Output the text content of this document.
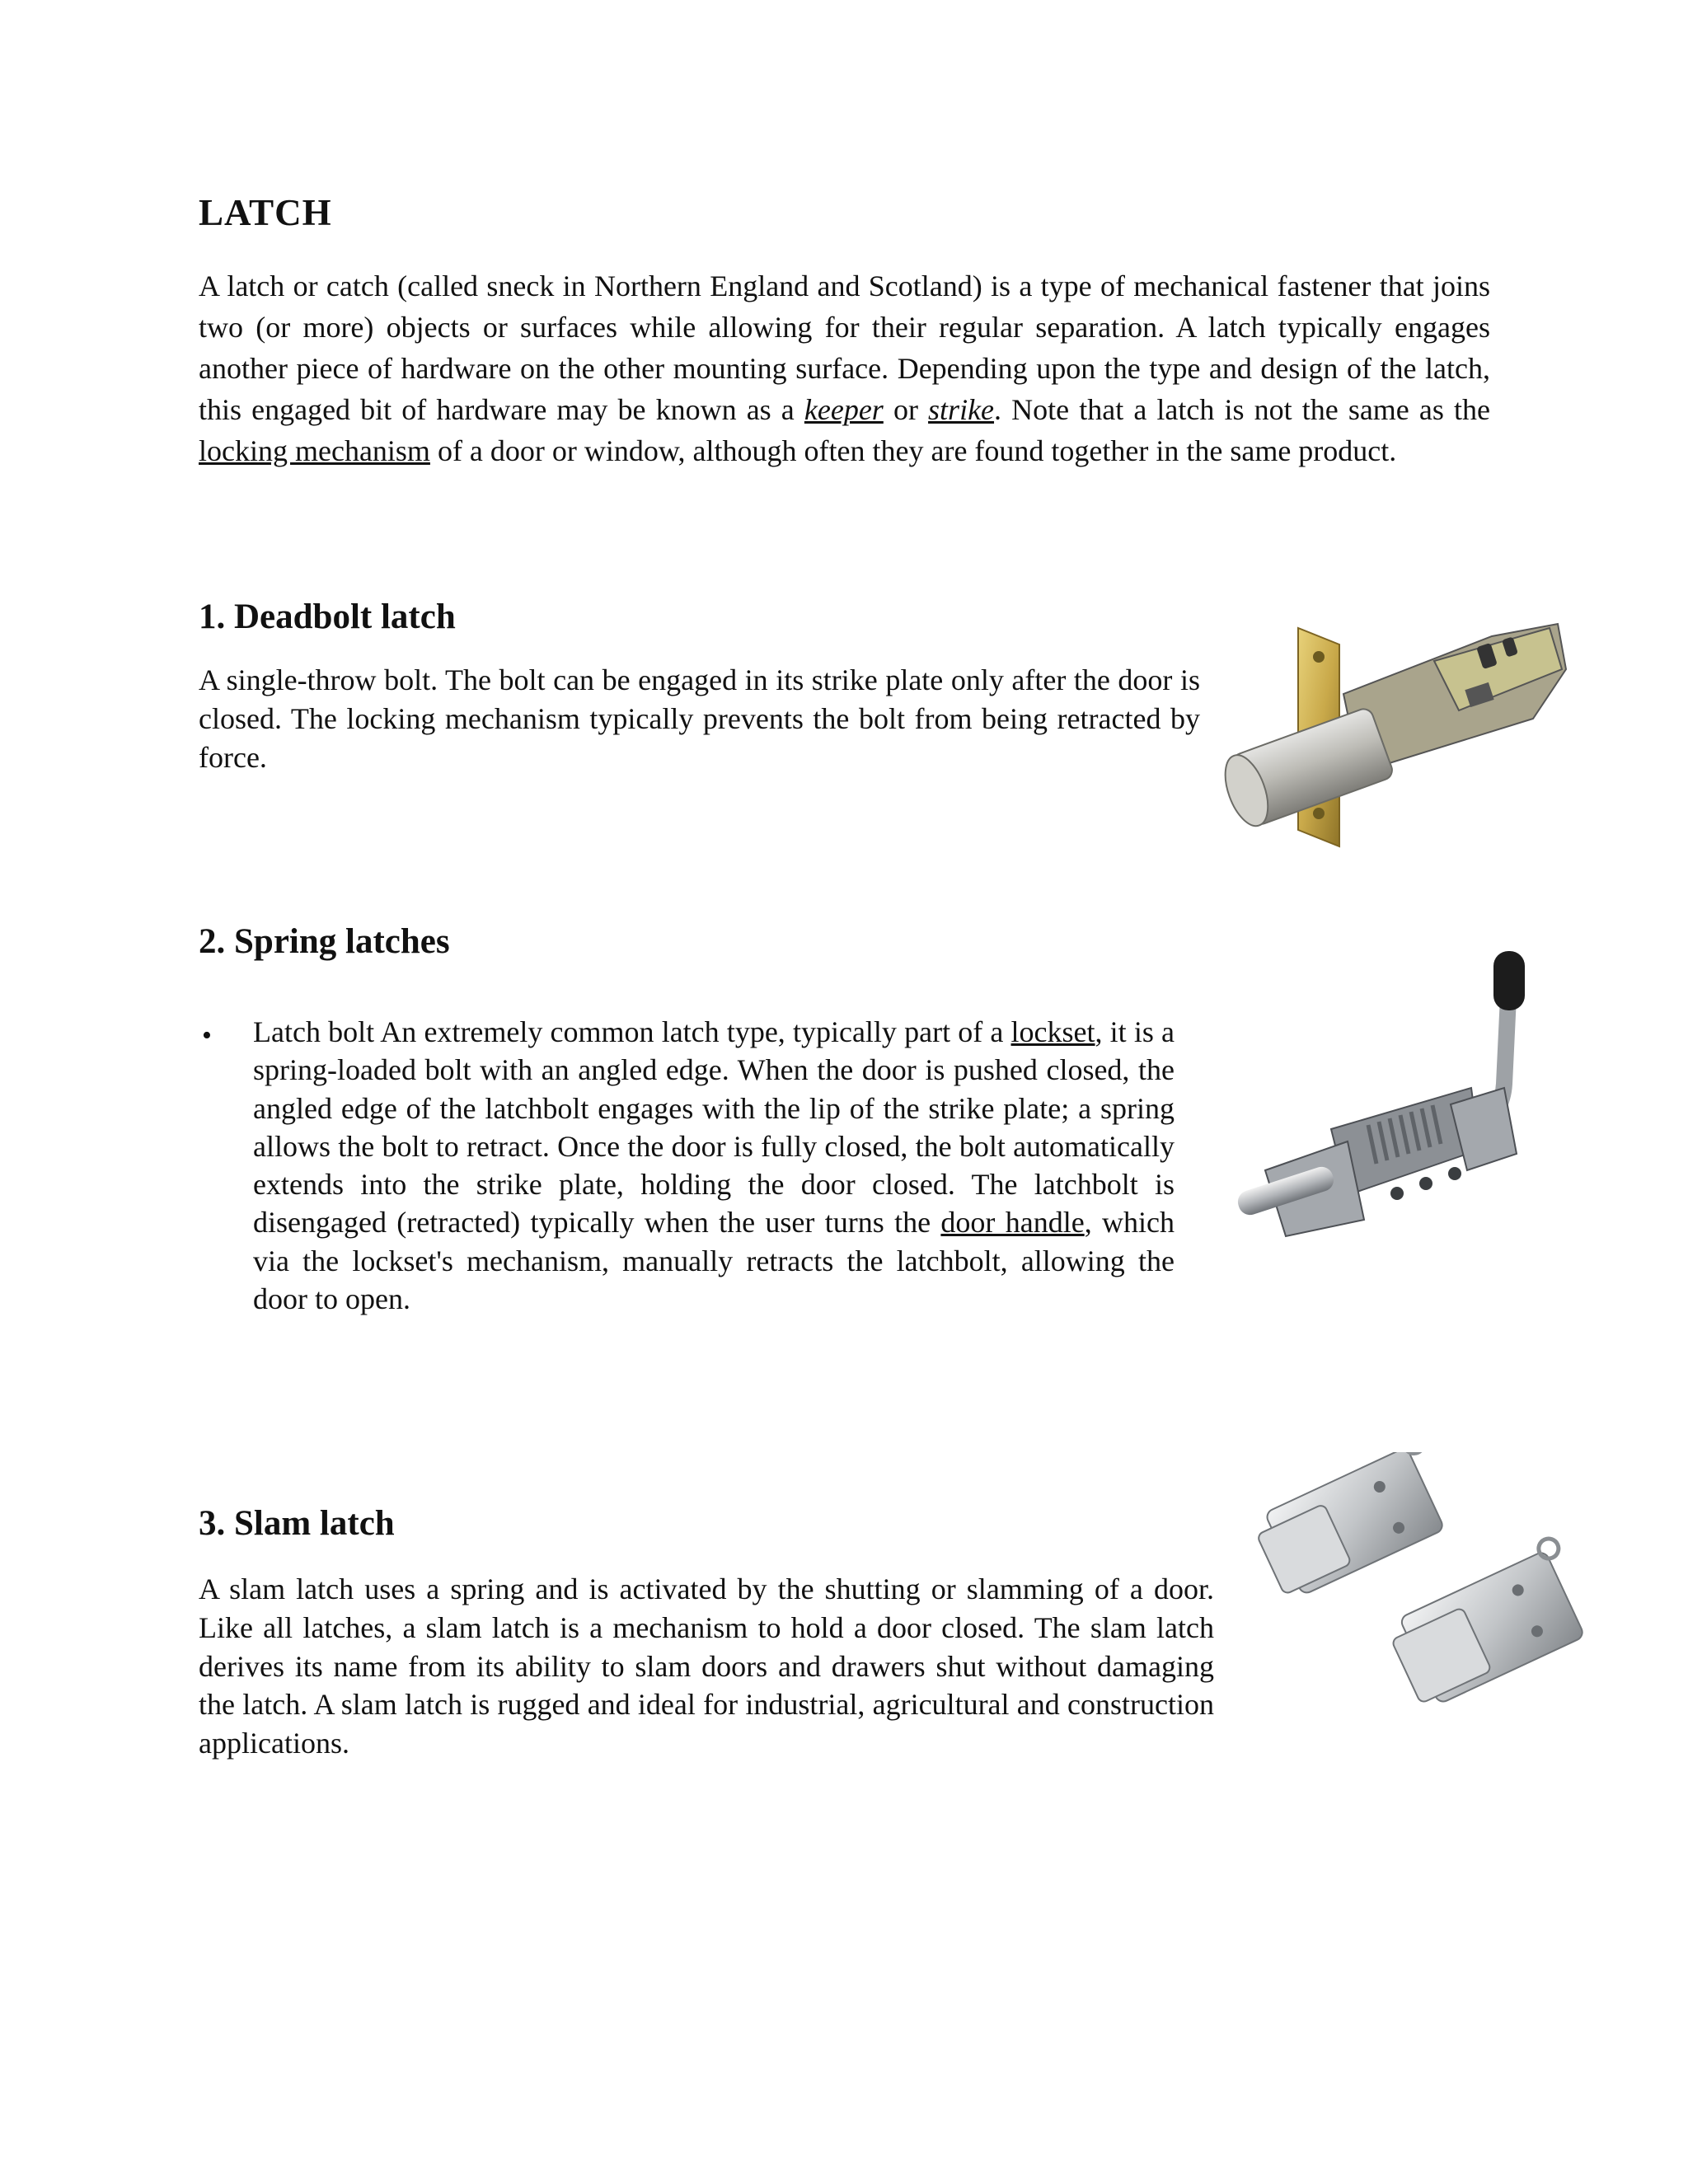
LATCH

A latch or catch (called sneck in Northern England and Scotland) is a type of mechanical fastener that joins two (or more) objects or surfaces while allowing for their regular separation. A latch typically engages another piece of hardware on the other mounting surface. Depending upon the type and design of the latch, this engaged bit of hardware may be known as a keeper or strike. Note that a latch is not the same as the locking mechanism of a door or window, although often they are found together in the same product.

1. Deadbolt latch

A single-throw bolt. The bolt can be engaged in its strike plate only after the door is closed. The locking mechanism typically prevents the bolt from being retracted by force.

2. Spring latches
• Latch bolt An extremely common latch type, typically part of a lockset, it is a spring-loaded bolt with an angled edge. When the door is pushed closed, the angled edge of the latchbolt engages with the lip of the strike plate; a spring allows the bolt to retract. Once the door is fully closed, the bolt automatically extends into the strike plate, holding the door closed. The latchbolt is disengaged (retracted) typically when the user turns the door handle, which via the lockset's mechanism, manually retracts the latchbolt, allowing the door to open.

3. Slam latch

A slam latch uses a spring and is activated by the shutting or slamming of a door. Like all latches, a slam latch is a mechanism to hold a door closed. The slam latch derives its name from its ability to slam doors and drawers shut without damaging the latch. A slam latch is rugged and ideal for industrial, agricultural and construction applications.
